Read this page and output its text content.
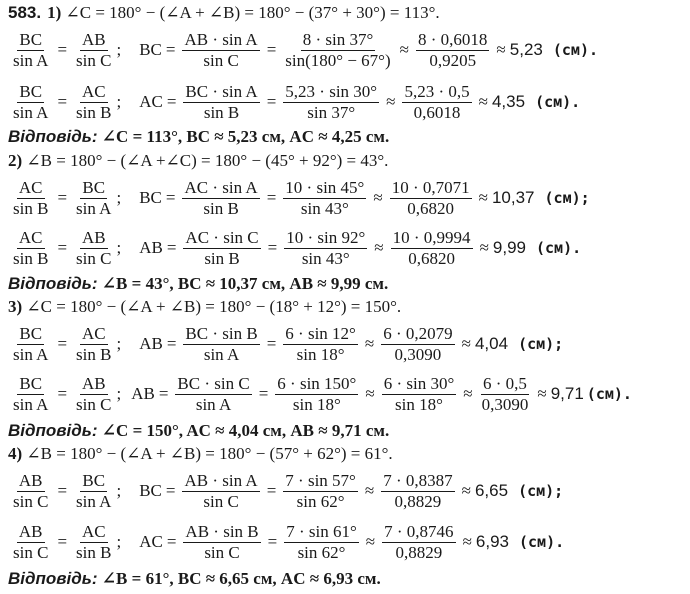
583. 1) ∠C = 180° − (∠A + ∠B) = 180° − (37° + 30°) = 113°.
$\frac{BC}{\text{sin A}} = \frac{AB}{\text{sin C}}$ ; BC = $\frac{\text{AB · sin A}}{\text{sin C}} = \frac{8 \cdot \sin 37^\circ}{\sin(180^\circ - 67^\circ)} \approx \frac{8 \cdot 0,6018}{0,9205} \approx 5,23$ (см).
$\frac{BC}{\text{sin A}} = \frac{AC}{\text{sin B}}$ ; AC = $\frac{\text{BC · sin A}}{\text{sin B}} = \frac{5,23 \cdot \sin 30^\circ}{\sin 37^\circ} \approx \frac{5,23 \cdot 0,5}{0,6018} \approx 4,35$ (см).
Відповідь: ∠C = 113°, BC ≈ 5,23 см, AC ≈ 4,25 см.
2) ∠B = 180° − (∠A +∠C) = 180° − (45° + 92°) = 43°.
$\frac{AC}{\text{sin B}} = \frac{BC}{\text{sin A}}$ ; BC = $\frac{\text{AC · sin A}}{\text{sin B}} = \frac{10 \cdot \sin 45^\circ}{\sin 43^\circ} \approx \frac{10 \cdot 0,7071}{0,6820} \approx 10,37$ (см);
$\frac{AC}{\text{sin B}} = \frac{AB}{\text{sin C}}$ ; AB = $\frac{\text{AC · sin C}}{\text{sin B}} = \frac{10 \cdot \sin 92^\circ}{\sin 43^\circ} \approx \frac{10 \cdot 0,9994}{0,6820} \approx 9,99$ (см).
Відповідь: ∠B = 43°, BC ≈ 10,37 см, AB ≈ 9,99 см.
3) ∠C = 180° − (∠A + ∠B) = 180° − (18° + 12°) = 150°.
$\frac{BC}{\text{sin A}} = \frac{AC}{\text{sin B}}$ ; AB = $\frac{\text{BC · sin B}}{\text{sin A}} = \frac{6 \cdot \sin 12^\circ}{\sin 18^\circ} \approx \frac{6 \cdot 0,2079}{0,3090} \approx 4,04$ (см);
$\frac{BC}{\text{sin A}} = \frac{AB}{\text{sin C}}$ ; AB = $\frac{\text{BC · sin C}}{\text{sin A}} = \frac{6 \cdot \sin 150^\circ}{\sin 18^\circ} \approx \frac{6 \cdot \sin 30^\circ}{\sin 18^\circ} \approx \frac{6 \cdot 0,5}{0,3090} \approx 9,71$ (см).
Відповідь: ∠C = 150°, AC ≈ 4,04 см, AB ≈ 9,71 см.
4) ∠B = 180° − (∠A + ∠B) = 180° − (57° + 62°) = 61°.
$\frac{AB}{\text{sin C}} = \frac{BC}{\text{sin A}}$ ; BC = $\frac{\text{AB · sin A}}{\text{sin C}} = \frac{7 \cdot \sin 57^\circ}{\sin 62^\circ} \approx \frac{7 \cdot 0,8387}{0,8829} \approx 6,65$ (см);
$\frac{AB}{\text{sin C}} = \frac{AC}{\text{sin B}}$ ; AC = $\frac{\text{AB · sin B}}{\text{sin C}} = \frac{7 \cdot \sin 61^\circ}{\sin 62^\circ} \approx \frac{7 \cdot 0,8746}{0,8829} \approx 6,93$ (см).
Відповідь: ∠B = 61°, BC ≈ 6,65 см, AC ≈ 6,93 см.
